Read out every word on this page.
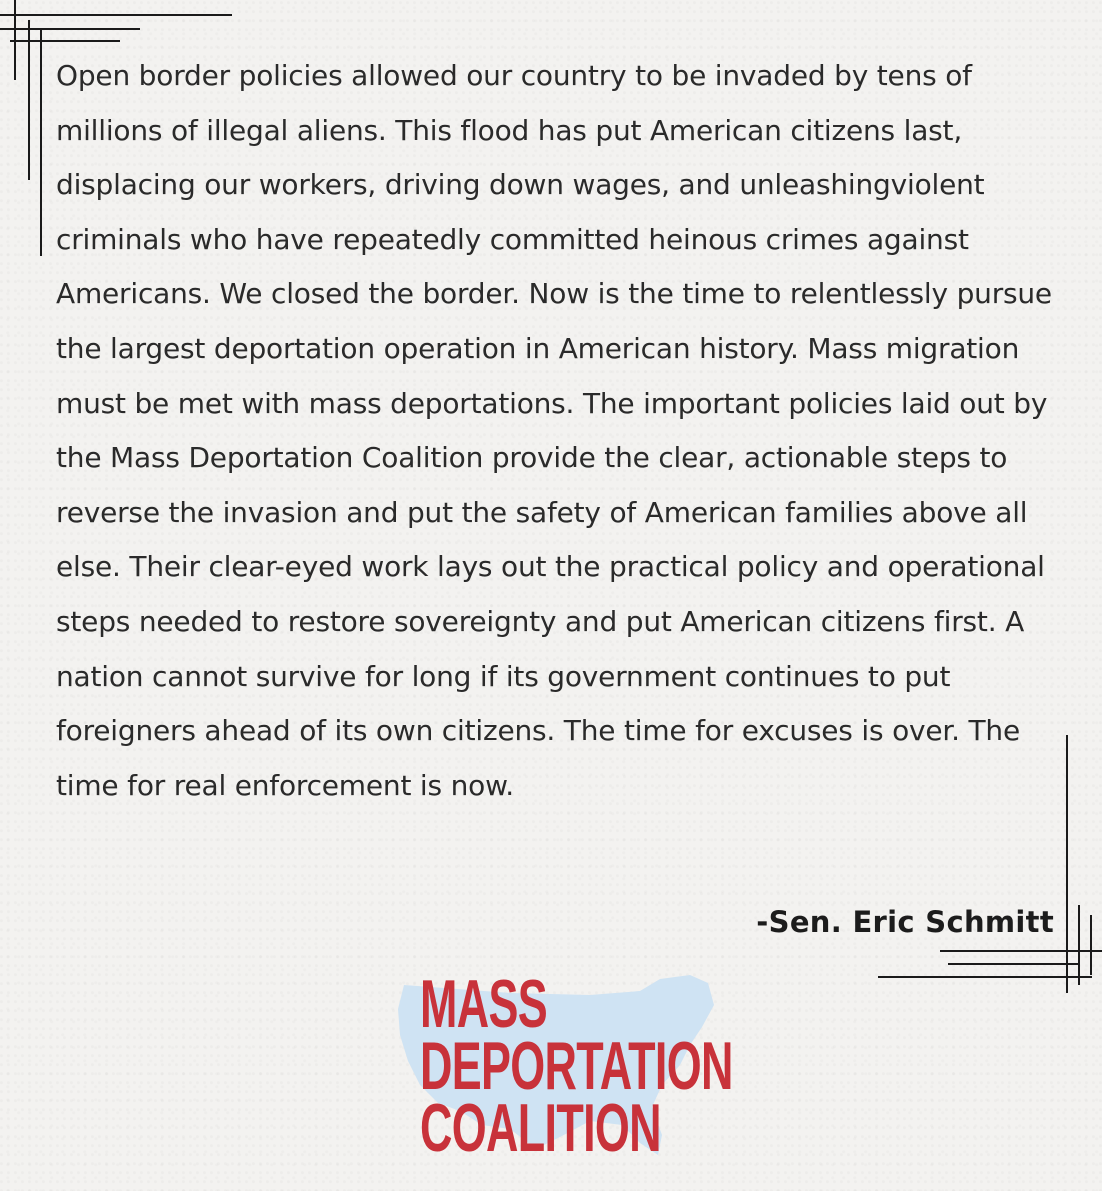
Open border policies allowed our country to be invaded by tens of millions of illegal aliens. This flood has put American citizens last, displacing our workers, driving down wages, and unleashingviolent criminals who have repeatedly committed heinous crimes against Americans. We closed the border. Now is the time to relentlessly pursue the largest deportation operation in American history. Mass migration must be met with mass deportations. The important policies laid out by the Mass Deportation Coalition provide the clear, actionable steps to reverse the invasion and put the safety of American families above all else. Their clear-eyed work lays out the practical policy and operational steps needed to restore sovereignty and put American citizens first. A nation cannot survive for long if its government continues to put foreigners ahead of its own citizens. The time for excuses is over. The time for real enforcement is now.

-Sen. Eric Schmitt

MASS
DEPORTATION
COALITION
